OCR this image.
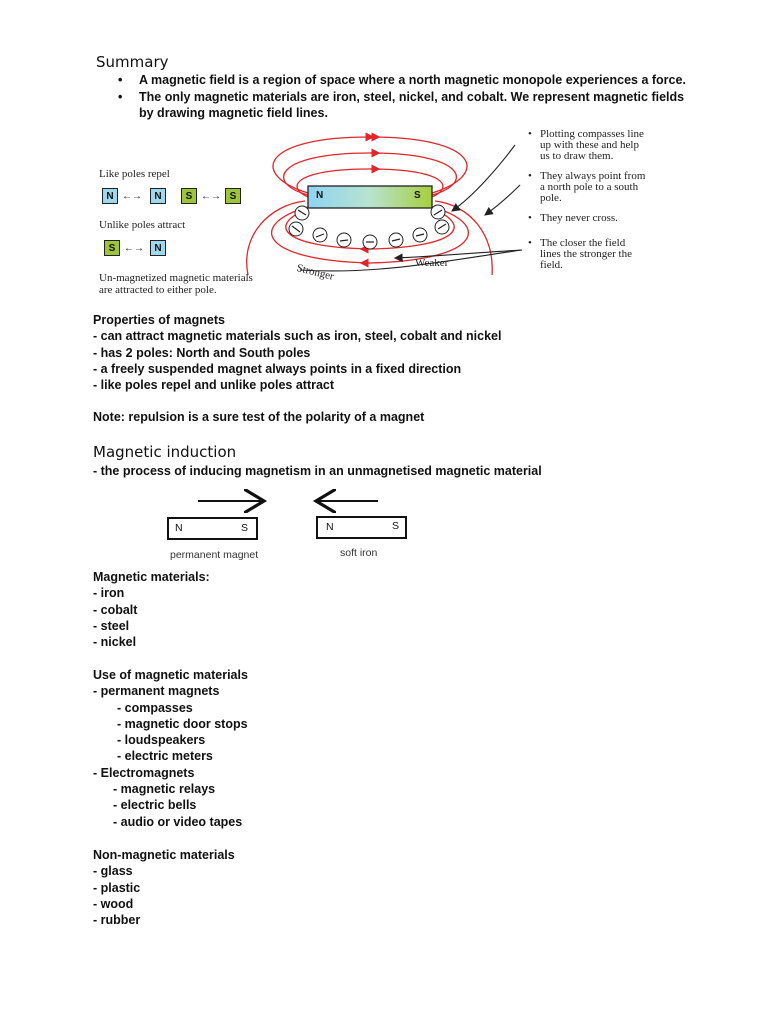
Summary
• A magnetic field is a region of space where a north magnetic monopole experiences a force.
• The only magnetic materials are iron, steel, nickel, and cobalt. We represent magnetic fields
by drawing magnetic field lines.
Like poles repel
N ←→	N	S ←→ S
Unlike poles attract
S ←→	N
Un-magnetized magnetic materials
are attracted to either pole.
N	S
Stronger	Weaker
• Plotting compasses line
up with these and help
us to draw them.
• They always point from
a north pole to a south
pole.
• They never cross.
• The closer the field
lines the stronger the
field.
Properties of magnets
- can attract magnetic materials such as iron, steel, cobalt and nickel
- has 2 poles: North and South poles
- a freely suspended magnet always points in a fixed direction
- like poles repel and unlike poles attract
Note: repulsion is a sure test of the polarity of a magnet
Magnetic induction
- the process of inducing magnetism in an unmagnetised magnetic material
N	S
permanent magnet
N	S
soft iron
Magnetic materials:
- iron
- cobalt
- steel
- nickel
Use of magnetic materials
- permanent magnets
- compasses
- magnetic door stops
- loudspeakers
- electric meters
- Electromagnets
- magnetic relays
- electric bells
- audio or video tapes
Non-magnetic materials
- glass
- plastic
- wood
- rubber
